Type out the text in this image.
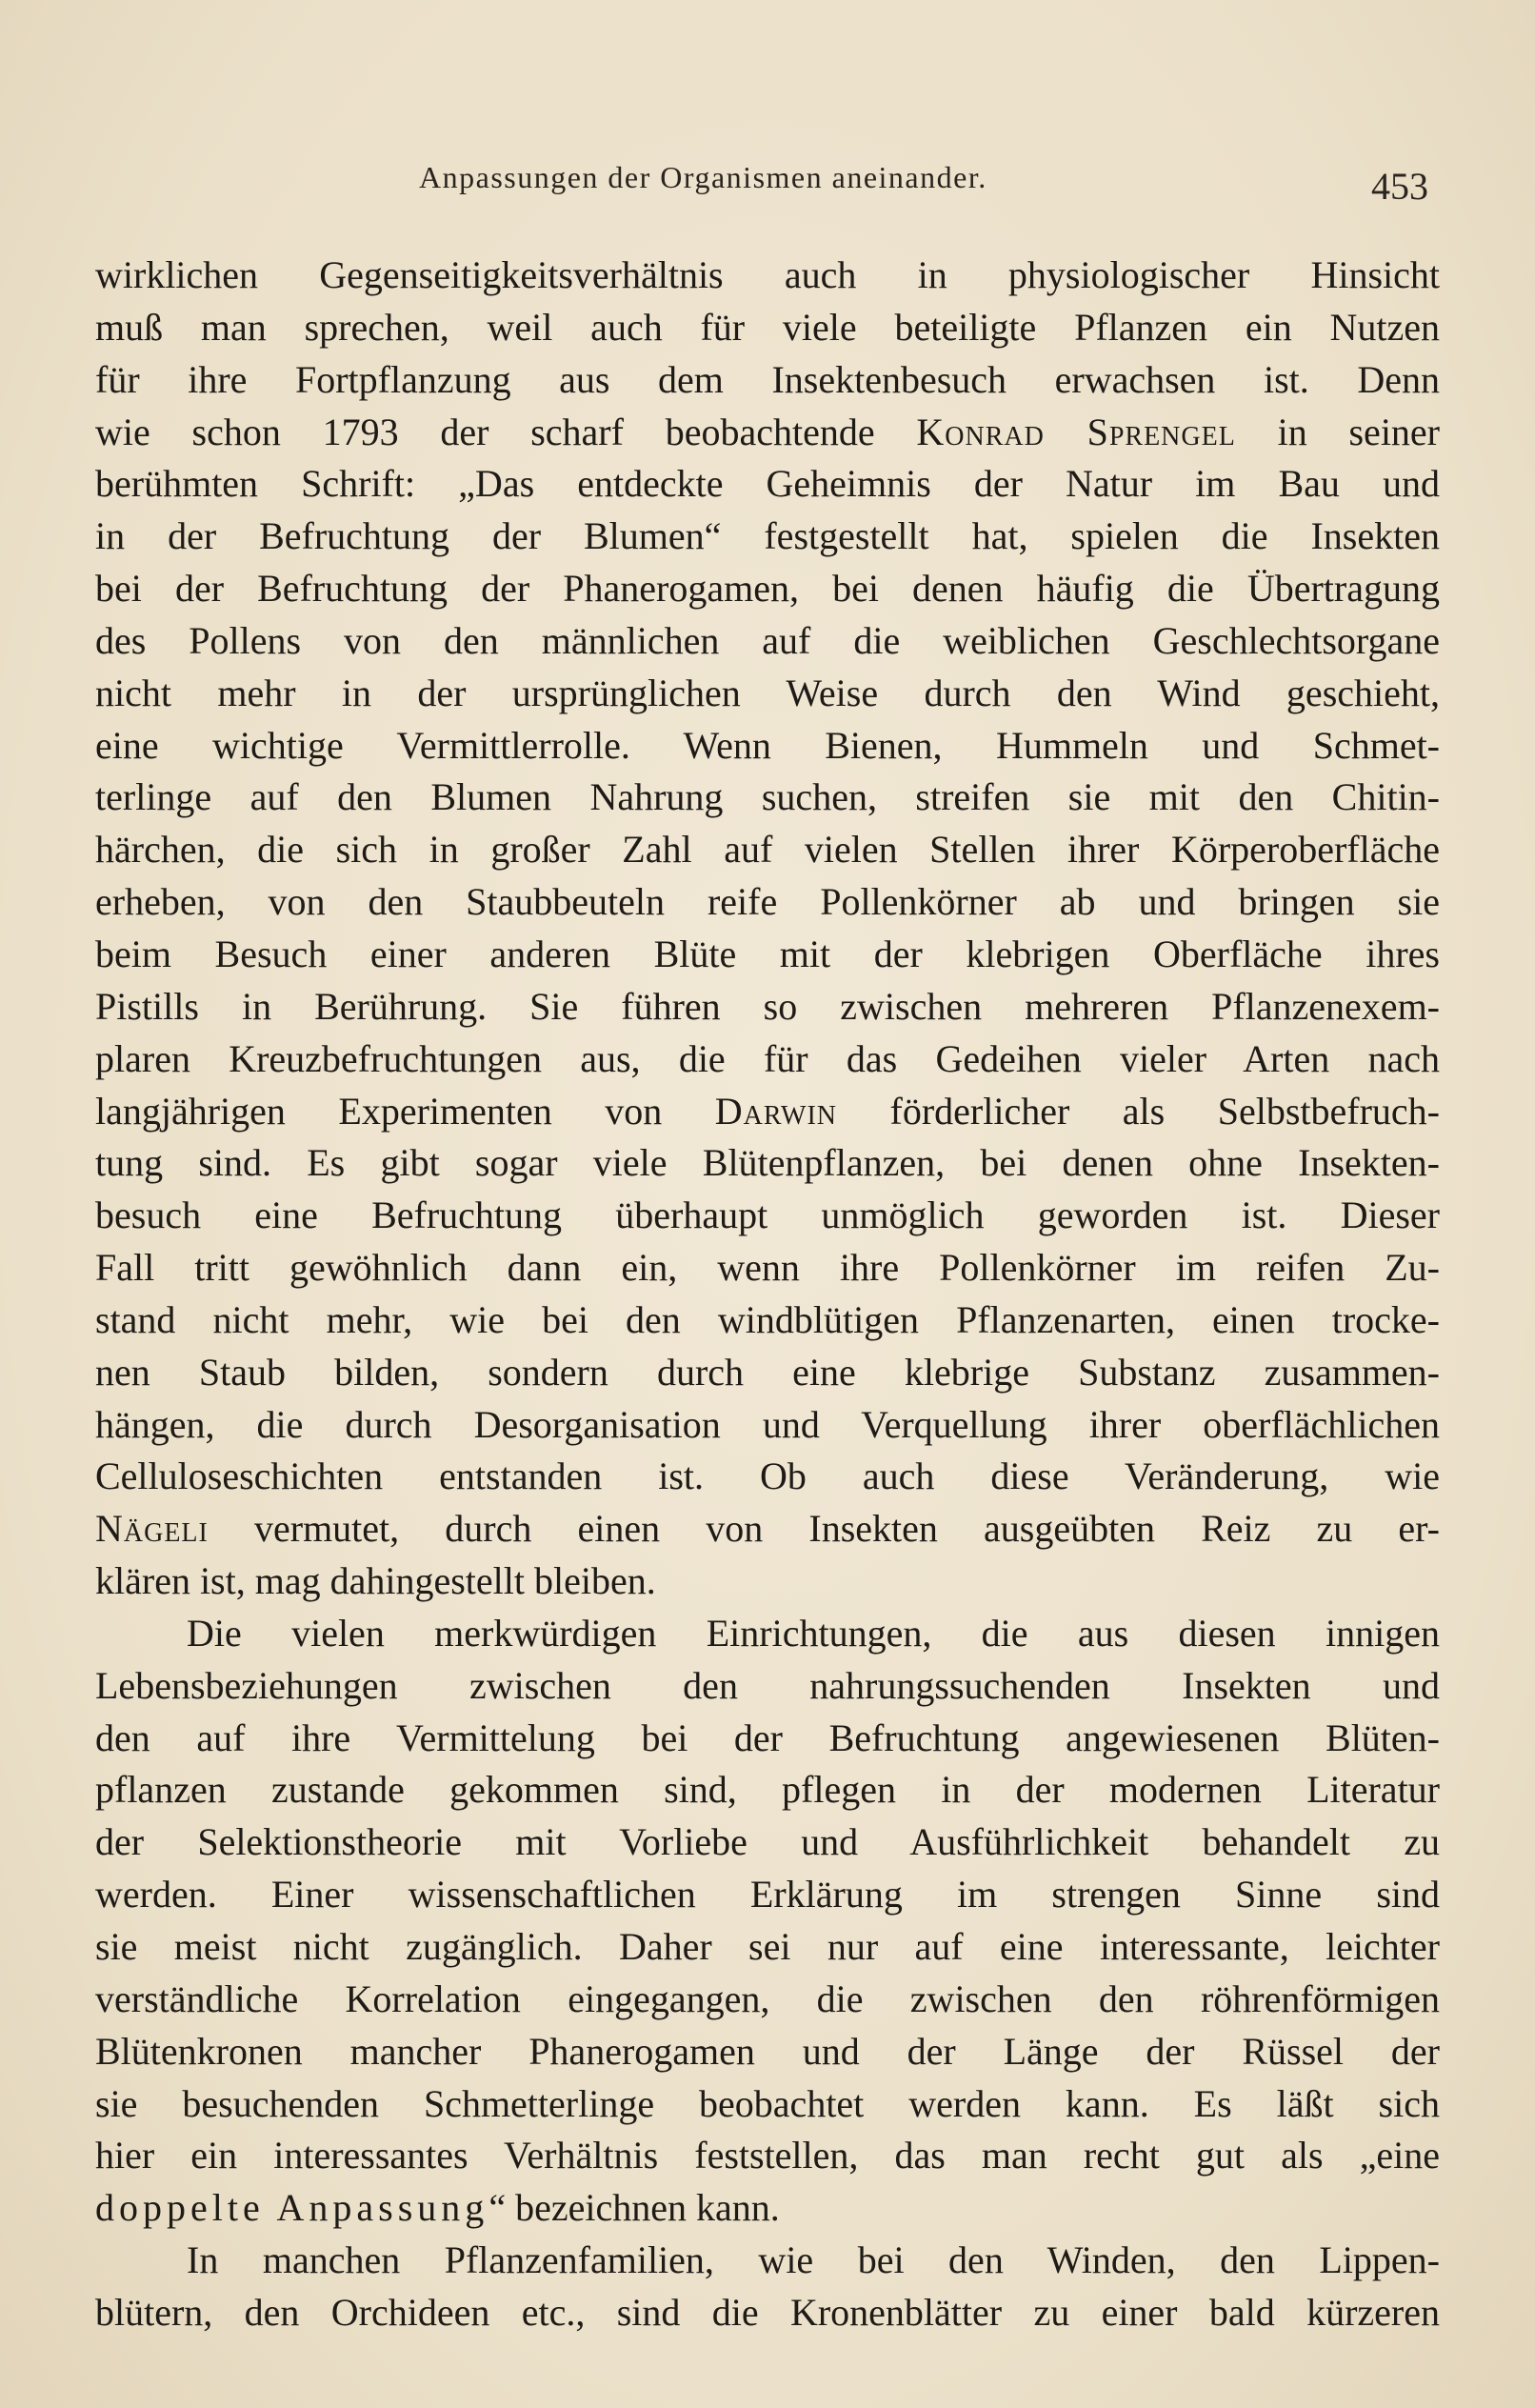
Anpassungen der Organismen aneinander.	453
wirklichen Gegenseitigkeitsverhältnis auch in physiologischer Hinsicht
muß man sprechen, weil auch für viele beteiligte Pflanzen ein Nutzen
für ihre Fortpflanzung aus dem Insektenbesuch erwachsen ist. Denn
wie schon 1793 der scharf beobachtende Konrad Sprengel in seiner
berühmten Schrift: „Das entdeckte Geheimnis der Natur im Bau und
in der Befruchtung der Blumen“ festgestellt hat, spielen die Insekten
bei der Befruchtung der Phanerogamen, bei denen häufig die Übertragung
des Pollens von den männlichen auf die weiblichen Geschlechtsorgane
nicht mehr in der ursprünglichen Weise durch den Wind geschieht,
eine wichtige Vermittlerrolle. Wenn Bienen, Hummeln und Schmet-
terlinge auf den Blumen Nahrung suchen, streifen sie mit den Chitin-
härchen, die sich in großer Zahl auf vielen Stellen ihrer Körperoberfläche
erheben, von den Staubbeuteln reife Pollenkörner ab und bringen sie
beim Besuch einer anderen Blüte mit der klebrigen Oberfläche ihres
Pistills in Berührung. Sie führen so zwischen mehreren Pflanzenexem-
plaren Kreuzbefruchtungen aus, die für das Gedeihen vieler Arten nach
langjährigen Experimenten von Darwin förderlicher als Selbstbefruch-
tung sind. Es gibt sogar viele Blütenpflanzen, bei denen ohne Insekten-
besuch eine Befruchtung überhaupt unmöglich geworden ist. Dieser
Fall tritt gewöhnlich dann ein, wenn ihre Pollenkörner im reifen Zu-
stand nicht mehr, wie bei den windblütigen Pflanzenarten, einen trocke-
nen Staub bilden, sondern durch eine klebrige Substanz zusammen-
hängen, die durch Desorganisation und Verquellung ihrer oberflächlichen
Celluloseschichten entstanden ist. Ob auch diese Veränderung, wie
Nägeli vermutet, durch einen von Insekten ausgeübten Reiz zu er-
klären ist, mag dahingestellt bleiben.
Die vielen merkwürdigen Einrichtungen, die aus diesen innigen
Lebensbeziehungen zwischen den nahrungssuchenden Insekten und
den auf ihre Vermittelung bei der Befruchtung angewiesenen Blüten-
pflanzen zustande gekommen sind, pflegen in der modernen Literatur
der Selektionstheorie mit Vorliebe und Ausführlichkeit behandelt zu
werden. Einer wissenschaftlichen Erklärung im strengen Sinne sind
sie meist nicht zugänglich. Daher sei nur auf eine interessante, leichter
verständliche Korrelation eingegangen, die zwischen den röhrenförmigen
Blütenkronen mancher Phanerogamen und der Länge der Rüssel der
sie besuchenden Schmetterlinge beobachtet werden kann. Es läßt sich
hier ein interessantes Verhältnis feststellen, das man recht gut als „eine
doppelte Anpassung“ bezeichnen kann.
In manchen Pflanzenfamilien, wie bei den Winden, den Lippen-
blütern, den Orchideen etc., sind die Kronenblätter zu einer bald kürzeren
